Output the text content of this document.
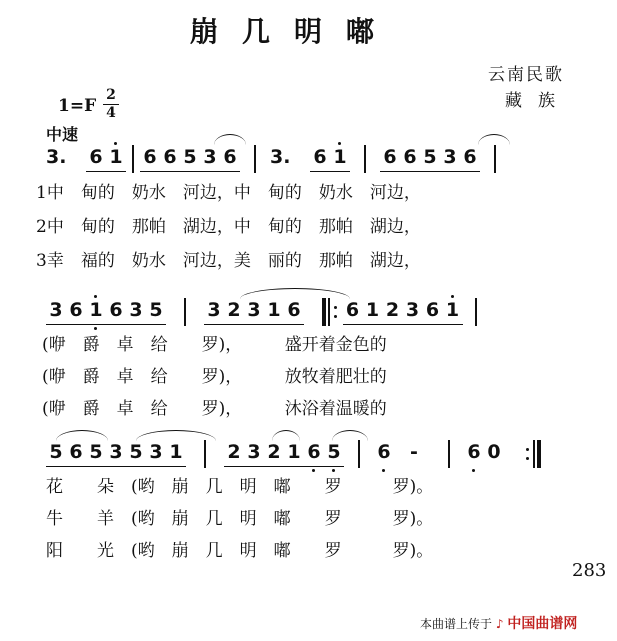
崩几明嘟
云南民歌
藏族
1=F
2
4
中速
3.	6 1 6 6 5 3 6 3.	6 1 6 6 5 3 6
1中　甸的　奶水　河边，中　甸的　奶水　河边，
2中　甸的　那帕　湖边，中　甸的　那帕　湖边，
3幸　福的　奶水　河边，美　丽的　那帕　湖边，
3 6 1 6 3 5 3 2 3 1 6 6 1 2 3 6 1
(咿　爵　卓　给　　罗)，　　　盛开着金色的
(咿　爵　卓　给　　罗)，　　　放牧着肥壮的
(咿　爵　卓　给　　罗)，　　　沐浴着温暖的
5 6 5 3 5 3 1 2 3 2 1 6 5 6	-	6 0
花　　朵　(哟　崩　几　明　嘟　　罗　　　罗)。
牛　　羊　(哟　崩　几　明　嘟　　罗　　　罗)。
阳　　光　(哟　崩　几　明　嘟　　罗　　　罗)。
283
本曲谱上传于 ♪ 中国曲谱网
